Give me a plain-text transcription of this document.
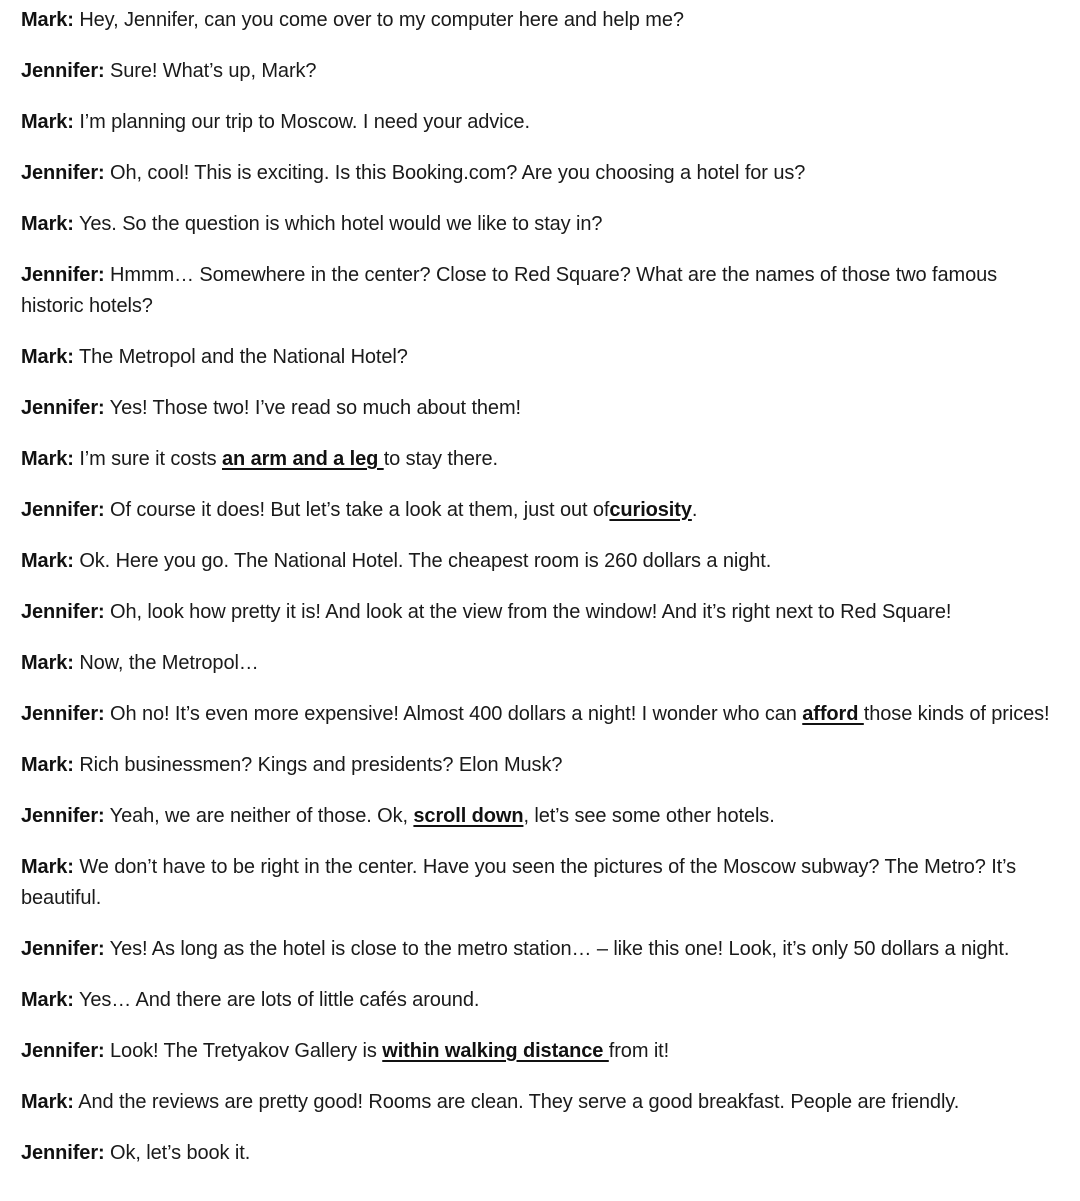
Mark: Hey, Jennifer, can you come over to my computer here and help me?

Jennifer: Sure! What’s up, Mark?

Mark: I’m planning our trip to Moscow. I need your advice.

Jennifer: Oh, cool! This is exciting. Is this Booking.com? Are you choosing a hotel for us?

Mark: Yes. So the question is which hotel would we like to stay in?

Jennifer: Hmmm… Somewhere in the center? Close to Red Square? What are the names of those two famous historic hotels?

Mark: The Metropol and the National Hotel?

Jennifer: Yes! Those two! I’ve read so much about them!

Mark: I’m sure it costs an arm and a leg to stay there.

Jennifer: Of course it does! But let’s take a look at them, just out ofcuriosity.

Mark: Ok. Here you go. The National Hotel. The cheapest room is 260 dollars a night.

Jennifer: Oh, look how pretty it is! And look at the view from the window! And it’s right next to Red Square!

Mark: Now, the Metropol…

Jennifer: Oh no! It’s even more expensive! Almost 400 dollars a night! I wonder who can afford those kinds of prices!

Mark: Rich businessmen? Kings and presidents? Elon Musk?

Jennifer: Yeah, we are neither of those. Ok, scroll down, let’s see some other hotels.

Mark: We don’t have to be right in the center. Have you seen the pictures of the Moscow subway? The Metro? It’s beautiful.

Jennifer: Yes! As long as the hotel is close to the metro station… – like this one! Look, it’s only 50 dollars a night.

Mark: Yes… And there are lots of little cafés around.

Jennifer: Look! The Tretyakov Gallery is within walking distance from it!

Mark: And the reviews are pretty good! Rooms are clean. They serve a good breakfast. People are friendly.

Jennifer: Ok, let’s book it.
